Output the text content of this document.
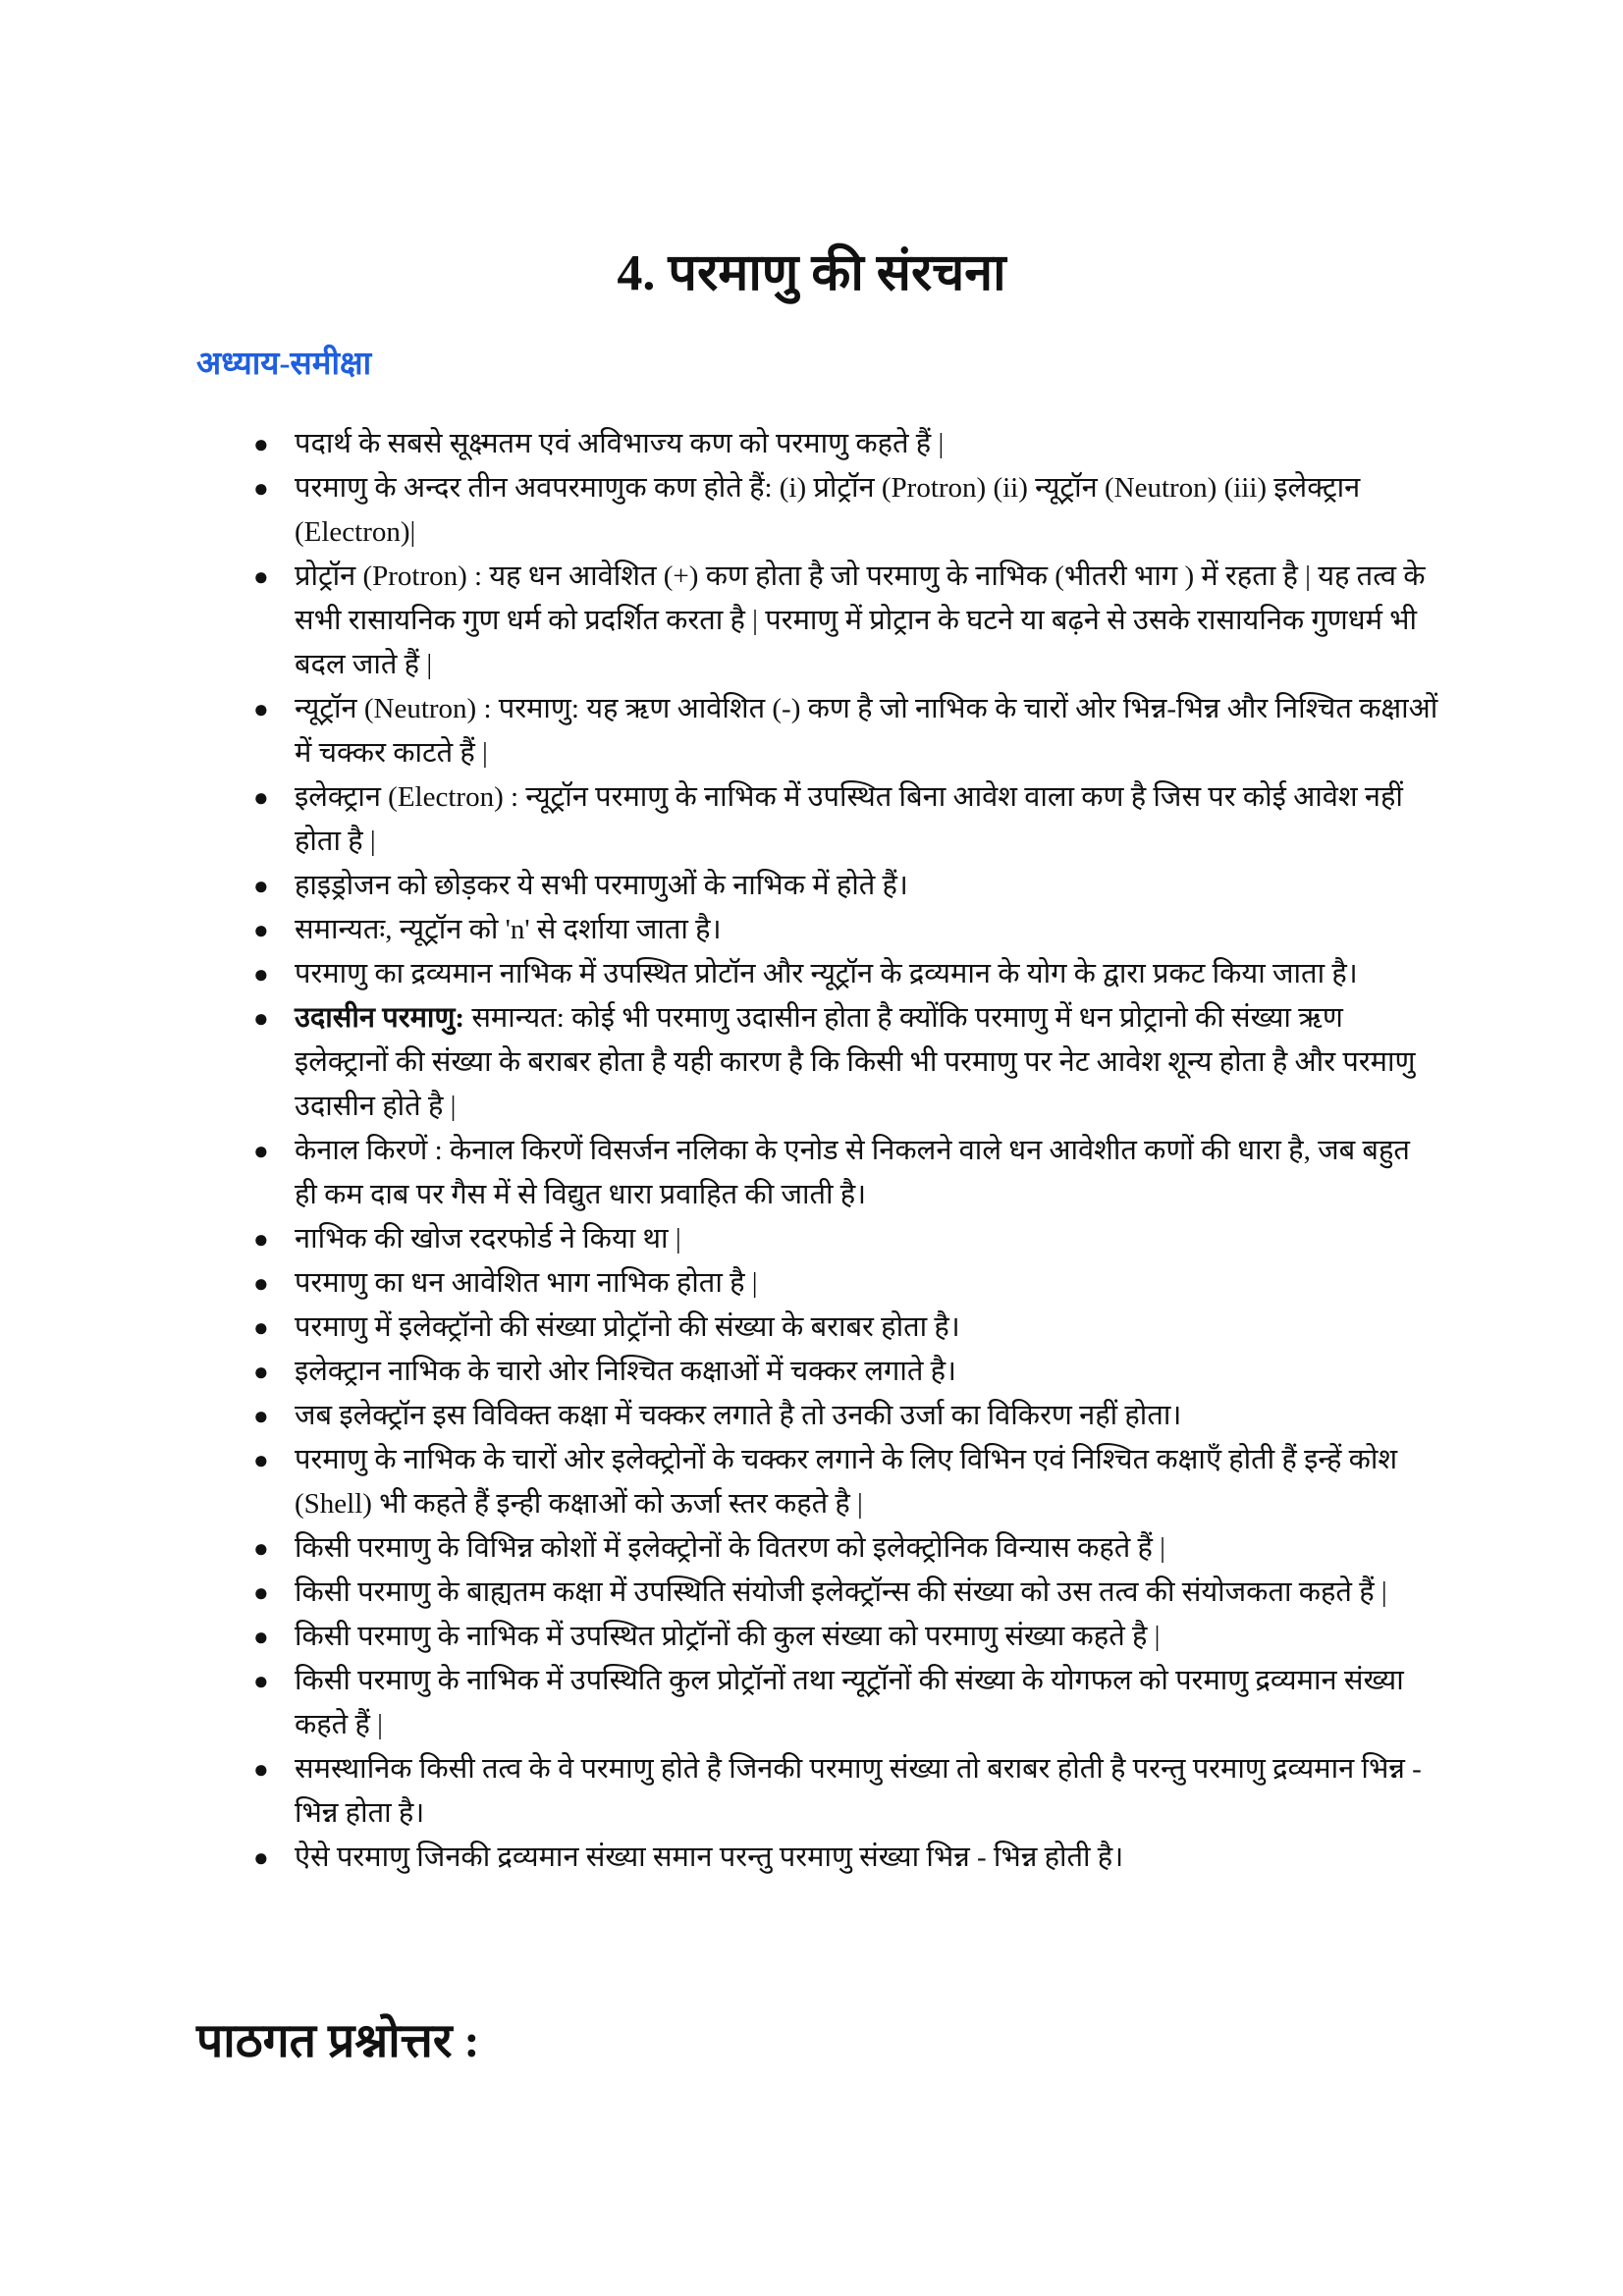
4. परमाणु की संरचना
अध्याय-समीक्षा
● पदार्थ के सबसे सूक्ष्मतम एवं अविभाज्य कण को परमाणु कहते हैं |
● परमाणु के अन्दर तीन अवपरमाणुक कण होते हैं: (i) प्रोट्रॉन (Protron) (ii) न्यूट्रॉन (Neutron) (iii) इलेक्ट्रान (Electron)|
● प्रोट्रॉन (Protron) : यह धन आवेशित (+) कण होता है जो परमाणु के नाभिक (भीतरी भाग ) में रहता है | यह तत्व के सभी रासायनिक गुण धर्म को प्रदर्शित करता है | परमाणु में प्रोट्रान के घटने या बढ़ने से उसके रासायनिक गुणधर्म भी बदल जाते हैं |
● न्यूट्रॉन (Neutron) : परमाणु: यह ऋण आवेशित (-) कण है जो नाभिक के चारों ओर भिन्न-भिन्न और निश्चित कक्षाओं में चक्कर काटते हैं |
● इलेक्ट्रान (Electron) : न्यूट्रॉन परमाणु के नाभिक में उपस्थित बिना आवेश वाला कण है जिस पर कोई आवेश नहीं होता है |
● हाइड्रोजन को छोड़कर ये सभी परमाणुओं के नाभिक में होते हैं।
● समान्यतः, न्यूट्रॉन को 'n' से दर्शाया जाता है।
● परमाणु का द्रव्यमान नाभिक में उपस्थित प्रोटॉन और न्यूट्रॉन के द्रव्यमान के योग के द्वारा प्रकट किया जाता है।
● उदासीन परमाणु: समान्यत: कोई भी परमाणु उदासीन होता है क्योंकि परमाणु में धन प्रोट्रानो की संख्या ऋण इलेक्ट्रानों की संख्या के बराबर होता है यही कारण है कि किसी भी परमाणु पर नेट आवेश शून्य होता है और परमाणु उदासीन होते है |
● केनाल किरणें : केनाल किरणें विसर्जन नलिका के एनोड से निकलने वाले धन आवेशीत कणों की धारा है, जब बहुत ही कम दाब पर गैस में से विद्युत धारा प्रवाहित की जाती है।
● नाभिक की खोज रदरफोर्ड ने किया था |
● परमाणु का धन आवेशित भाग नाभिक होता है |
● परमाणु में इलेक्ट्रॉनो की संख्या प्रोट्रॉनो की संख्या के बराबर होता है।
● इलेक्ट्रान नाभिक के चारो ओर निश्चित कक्षाओं में चक्कर लगाते है।
● जब इलेक्ट्रॉन इस विविक्त कक्षा में चक्कर लगाते है तो उनकी उर्जा का विकिरण नहीं होता।
● परमाणु के नाभिक के चारों ओर इलेक्ट्रोनों के चक्कर लगाने के लिए विभिन एवं निश्चित कक्षाएँ होती हैं इन्हें कोश (Shell) भी कहते हैं इन्ही कक्षाओं को ऊर्जा स्तर कहते है |
● किसी परमाणु के विभिन्न कोशों में इलेक्ट्रोनों के वितरण को इलेक्ट्रोनिक विन्यास कहते हैं |
● किसी परमाणु के बाह्यतम कक्षा में उपस्थिति संयोजी इलेक्ट्रॉन्स की संख्या को उस तत्व की संयोजकता कहते हैं |
● किसी परमाणु के नाभिक में उपस्थित प्रोट्रॉनों की कुल संख्या को परमाणु संख्या कहते है |
● किसी परमाणु के नाभिक में उपस्थिति कुल प्रोट्रॉनों तथा न्यूट्रॉनों की संख्या के योगफल को परमाणु द्रव्यमान संख्या कहते हैं |
● समस्थानिक किसी तत्व के वे परमाणु होते है जिनकी परमाणु संख्या तो बराबर होती है परन्तु परमाणु द्रव्यमान भिन्न - भिन्न होता है।
● ऐसे परमाणु जिनकी द्रव्यमान संख्या समान परन्तु परमाणु संख्या भिन्न - भिन्न होती है।
पाठगत प्रश्नोत्तर :
